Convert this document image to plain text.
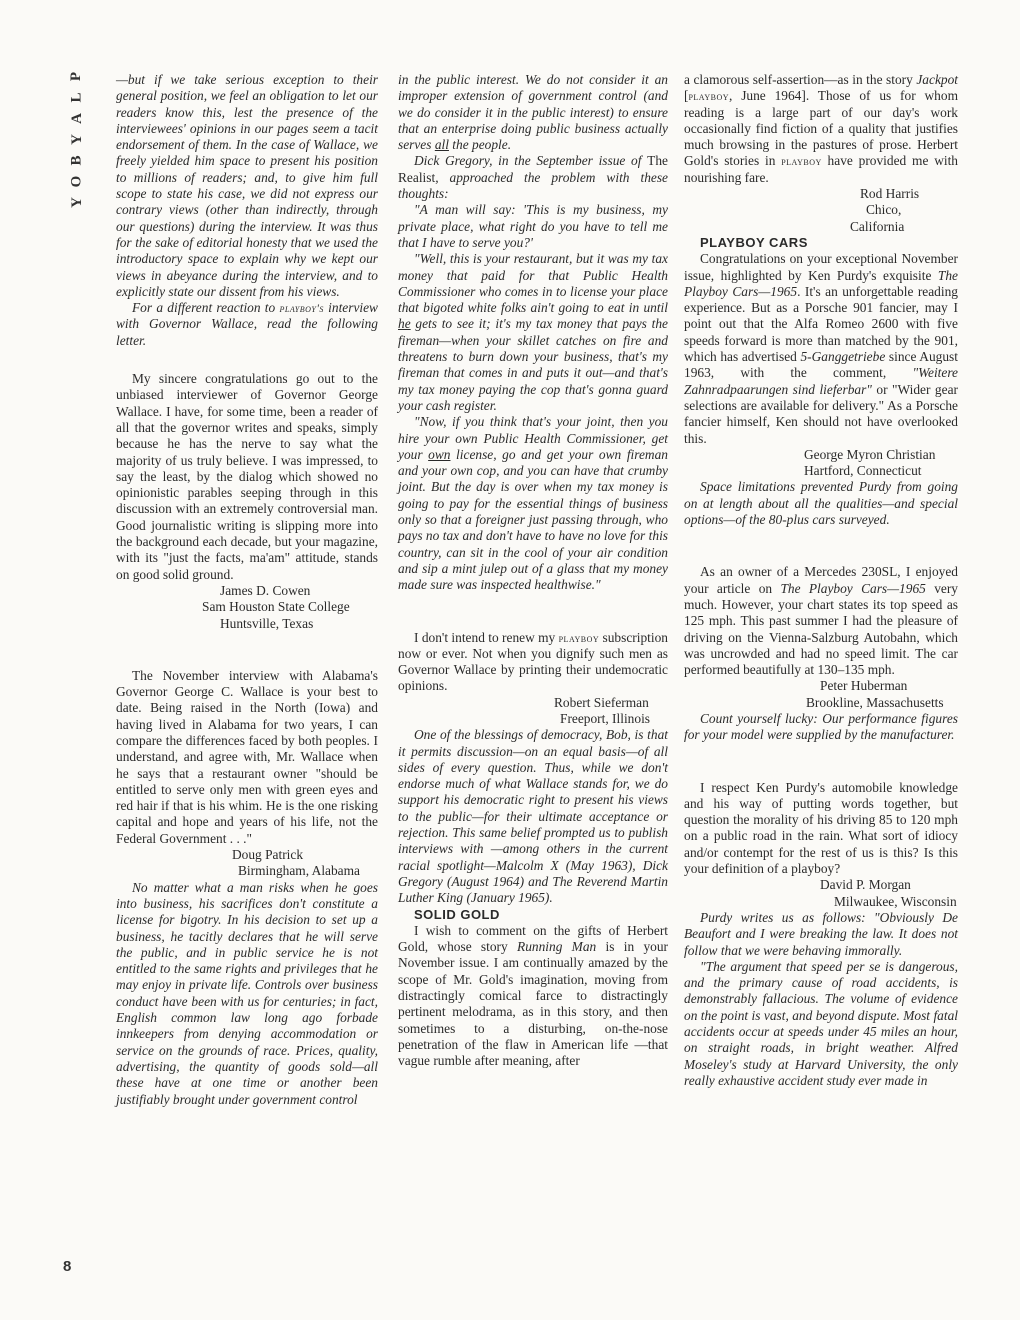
P
L
A
Y
B
O
Y
8

—but if we take serious exception to their general position, we feel an obligation to let our readers know this, lest the presence of the interviewees' opinions in our pages seem a tacit endorsement of them. In the case of Wallace, we freely yielded him space to present his position to millions of readers; and, to give him full scope to state his case, we did not express our contrary views (other than indirectly, through our questions) during the interview. It was thus for the sake of editorial honesty that we used the introductory space to explain why we kept our views in abeyance during the interview, and to explicitly state our dissent from his views.

For a different reaction to playboy's interview with Governor Wallace, read the following letter.

My sincere congratulations go out to the unbiased interviewer of Governor George Wallace. I have, for some time, been a reader of all that the governor writes and speaks, simply because he has the nerve to say what the majority of us truly believe. I was impressed, to say the least, by the dialog which showed no opinionistic parables seeping through in this discussion with an extremely controversial man. Good journalistic writing is slipping more into the background each decade, but your magazine, with its "just the facts, ma'am" attitude, stands on good solid ground.

James D. Cowen
Sam Houston State College
Huntsville, Texas

The November interview with Alabama's Governor George C. Wallace is your best to date. Being raised in the North (Iowa) and having lived in Alabama for two years, I can compare the differences faced by both peoples. I understand, and agree with, Mr. Wallace when he says that a restaurant owner "should be entitled to serve only men with green eyes and red hair if that is his whim. He is the one risking capital and hope and years of his life, not the Federal Government . . ."

Doug Patrick
Birmingham, Alabama

No matter what a man risks when he goes into business, his sacrifices don't constitute a license for bigotry. In his decision to set up a business, he tacitly declares that he will serve the public, and in public service he is not entitled to the same rights and privileges that he may enjoy in private life. Controls over business conduct have been with us for centuries; in fact, English common law long ago forbade innkeepers from denying accommodation or service on the grounds of race. Prices, quality, advertising, the quantity of goods sold—all these have at one time or another been justifiably brought under government control

in the public interest. We do not consider it an improper extension of government control (and we do consider it in the public interest) to ensure that an enterprise doing public business actually serves all the people.

Dick Gregory, in the September issue of The Realist, approached the problem with these thoughts:

"A man will say: 'This is my business, my private place, what right do you have to tell me that I have to serve you?'

"Well, this is your restaurant, but it was my tax money that paid for that Public Health Commissioner who comes in to license your place that bigoted white folks ain't going to eat in until he gets to see it; it's my tax money that pays the fireman—when your skillet catches on fire and threatens to burn down your business, that's my fireman that comes in and puts it out—and that's my tax money paying the cop that's gonna guard your cash register.

"Now, if you think that's your joint, then you hire your own Public Health Commissioner, get your own license, go and get your own fireman and your own cop, and you can have that crumby joint. But the day is over when my tax money is going to pay for the essential things of business only so that a foreigner just passing through, who pays no tax and don't have to have no love for this country, can sit in the cool of your air condition and sip a mint julep out of a glass that my money made sure was inspected healthwise."

I don't intend to renew my playboy subscription now or ever. Not when you dignify such men as Governor Wallace by printing their undemocratic opinions.

Robert Sieferman
Freeport, Illinois

One of the blessings of democracy, Bob, is that it permits discussion—on an equal basis—of all sides of every question. Thus, while we don't endorse much of what Wallace stands for, we do support his democratic right to present his views to the public—for their ultimate acceptance or rejection. This same belief prompted us to publish interviews with —among others in the current racial spotlight—Malcolm X (May 1963), Dick Gregory (August 1964) and The Reverend Martin Luther King (January 1965).

SOLID GOLD

I wish to comment on the gifts of Herbert Gold, whose story Running Man is in your November issue. I am continually amazed by the scope of Mr. Gold's imagination, moving from distractingly comical farce to distractingly pertinent melodrama, as in this story, and then sometimes to a disturbing, on-the-nose penetration of the flaw in American life —that vague rumble after meaning, after

a clamorous self-assertion—as in the story Jackpot [playboy, June 1964]. Those of us for whom reading is a large part of our day's work occasionally find fiction of a quality that justifies much browsing in the pastures of prose. Herbert Gold's stories in playboy have provided me with nourishing fare.

Rod Harris
Chico, California

PLAYBOY CARS

Congratulations on your exceptional November issue, highlighted by Ken Purdy's exquisite The Playboy Cars—1965. It's an unforgettable reading experience. But as a Porsche 901 fancier, may I point out that the Alfa Romeo 2600 with five speeds forward is more than matched by the 901, which has advertised 5-Ganggetriebe since August 1963, with the comment, "Weitere Zahnradpaarungen sind lieferbar" or "Wider gear selections are available for delivery." As a Porsche fancier himself, Ken should not have overlooked this.

George Myron Christian
Hartford, Connecticut

Space limitations prevented Purdy from going on at length about all the qualities—and special options—of the 80-plus cars surveyed.

As an owner of a Mercedes 230SL, I enjoyed your article on The Playboy Cars—1965 very much. However, your chart states its top speed as 125 mph. This past summer I had the pleasure of driving on the Vienna-Salzburg Autobahn, which was uncrowded and had no speed limit. The car performed beautifully at 130–135 mph.

Peter Huberman
Brookline, Massachusetts

Count yourself lucky: Our performance figures for your model were supplied by the manufacturer.

I respect Ken Purdy's automobile knowledge and his way of putting words together, but question the morality of his driving 85 to 120 mph on a public road in the rain. What sort of idiocy and/or contempt for the rest of us is this? Is this your definition of a playboy?

David P. Morgan
Milwaukee, Wisconsin

Purdy writes us as follows: "Obviously De Beaufort and I were breaking the law. It does not follow that we were behaving immorally.

"The argument that speed per se is dangerous, and the primary cause of road accidents, is demonstrably fallacious. The volume of evidence on the point is vast, and beyond dispute. Most fatal accidents occur at speeds under 45 miles an hour, on straight roads, in bright weather. Alfred Moseley's study at Harvard University, the only really exhaustive accident study ever made in
